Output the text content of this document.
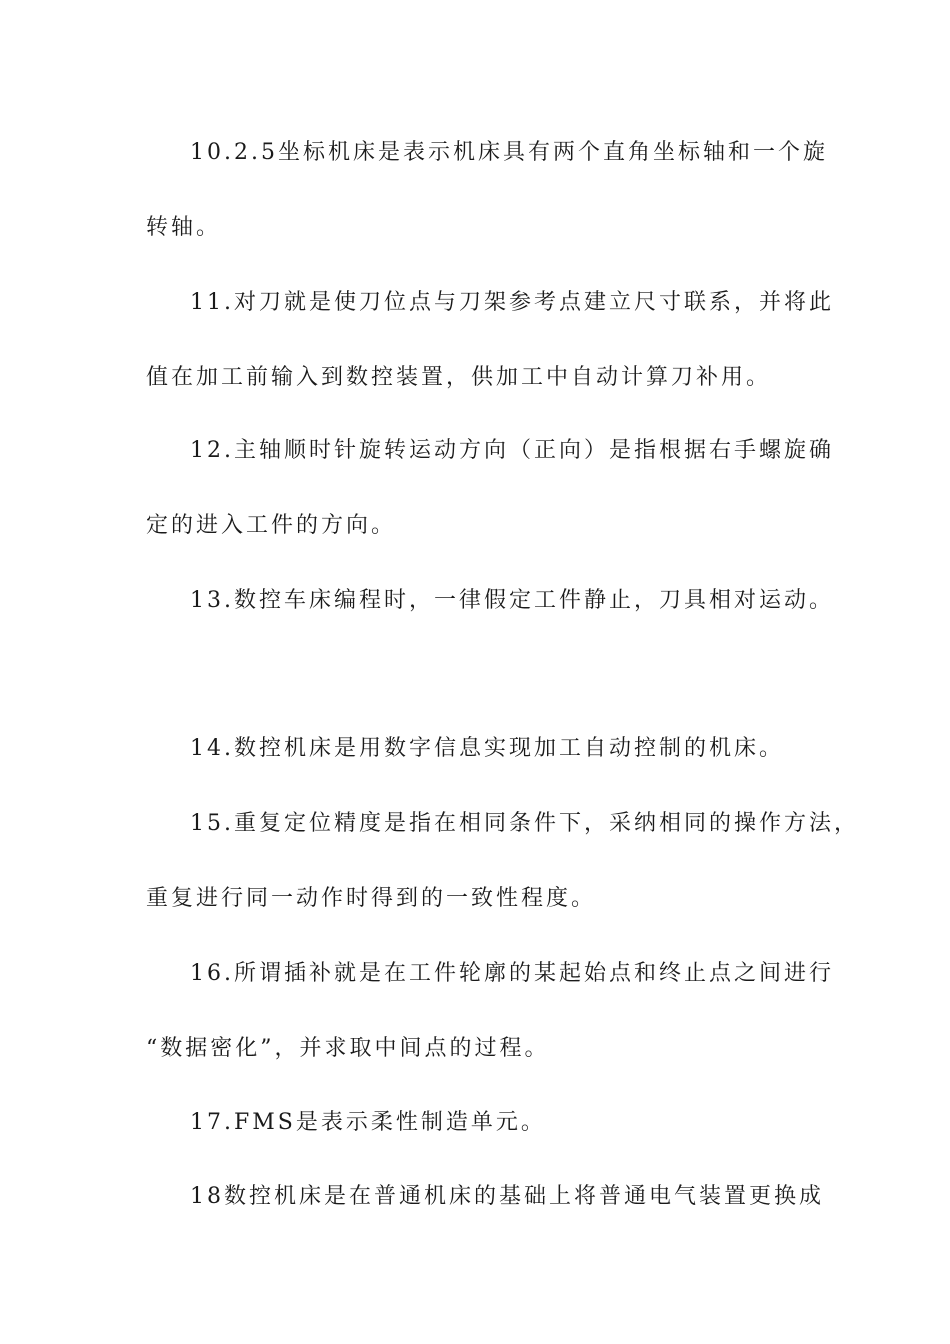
10.2.5坐标机床是表示机床具有两个直角坐标轴和一个旋
转轴。
11.对刀就是使刀位点与刀架参考点建立尺寸联系，并将此
值在加工前输入到数控装置，供加工中自动计算刀补用。
12.主轴顺时针旋转运动方向（正向）是指根据右手螺旋确
定的进入工件的方向。
13.数控车床编程时，一律假定工件静止，刀具相对运动。
14.数控机床是用数字信息实现加工自动控制的机床。
15.重复定位精度是指在相同条件下，采纳相同的操作方法，
重复进行同一动作时得到的一致性程度。
16.所谓插补就是在工件轮廓的某起始点和终止点之间进行
“数据密化”，并求取中间点的过程。
17.FMS是表示柔性制造单元。
18数控机床是在普通机床的基础上将普通电气装置更换成
